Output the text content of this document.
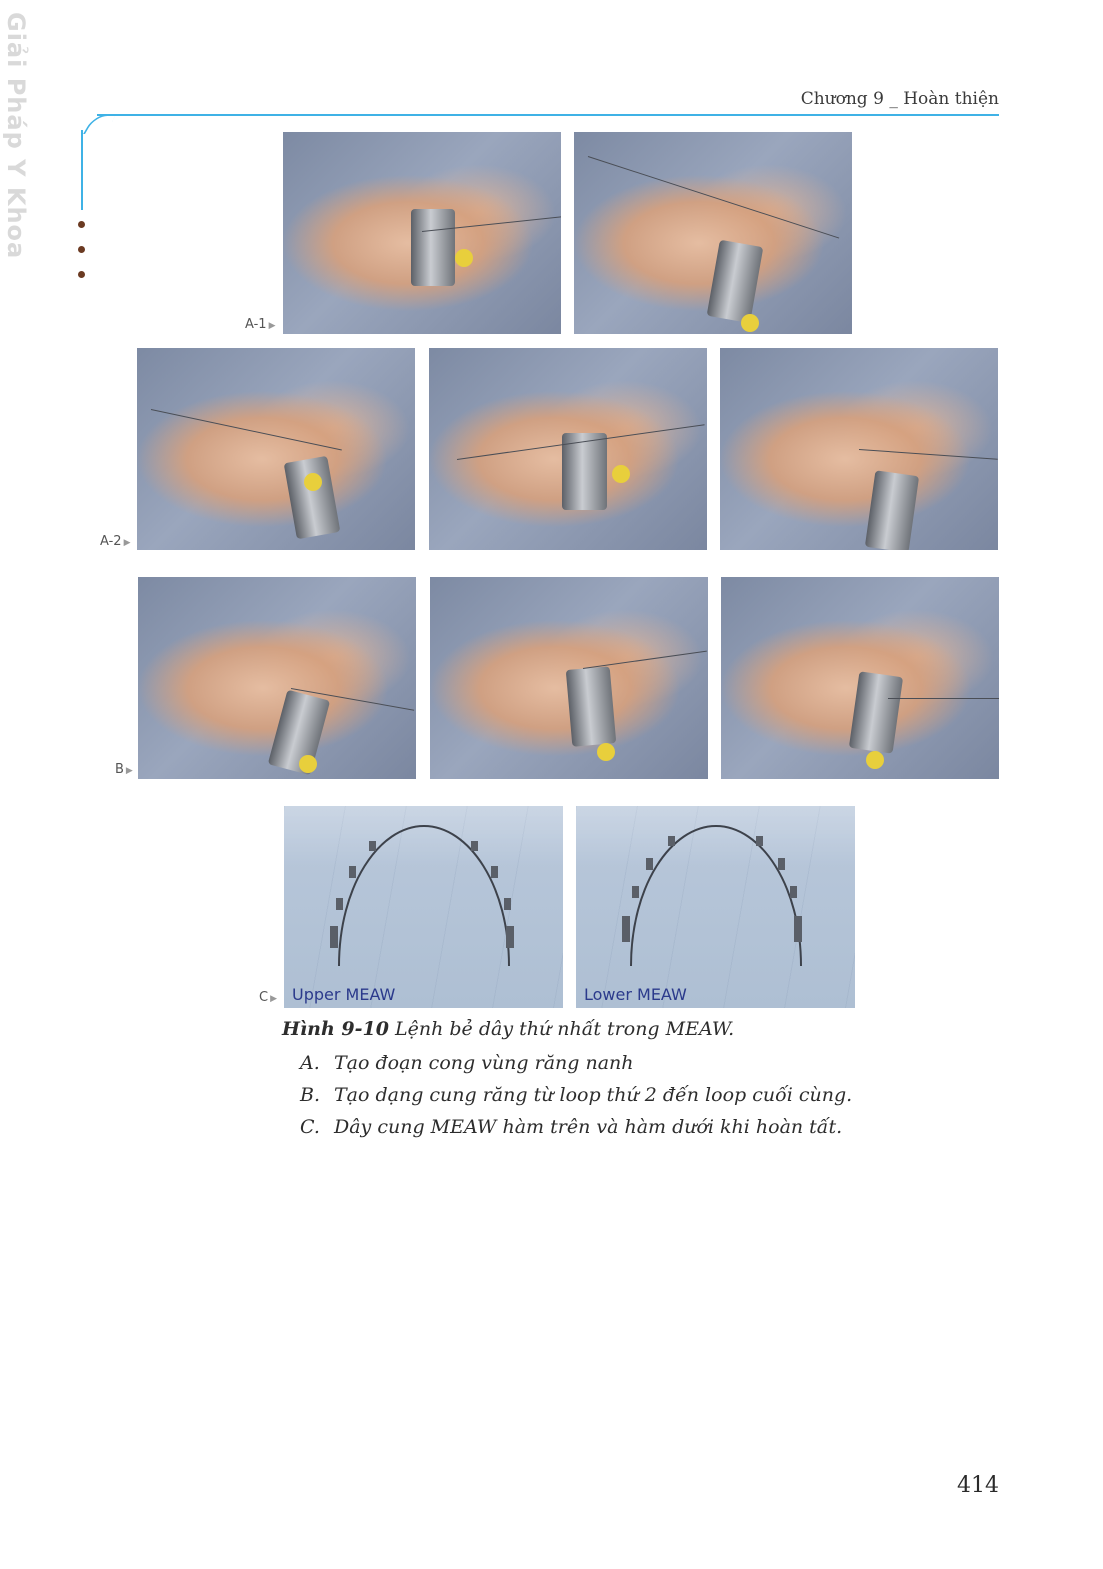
Giải Pháp Y Khoa	Chương 9 _ Hoàn thiện
A-1 ▶
A-2 ▶
B ▶
C ▶ Upper MEAW	Lower MEAW
Hình 9-10 Lệnh bẻ dây thứ nhất trong MEAW.
A. Tạo đoạn cong vùng răng nanh
B. Tạo dạng cung răng từ loop thứ 2 đến loop cuối cùng.
C. Dây cung MEAW hàm trên và hàm dưới khi hoàn tất.
414
